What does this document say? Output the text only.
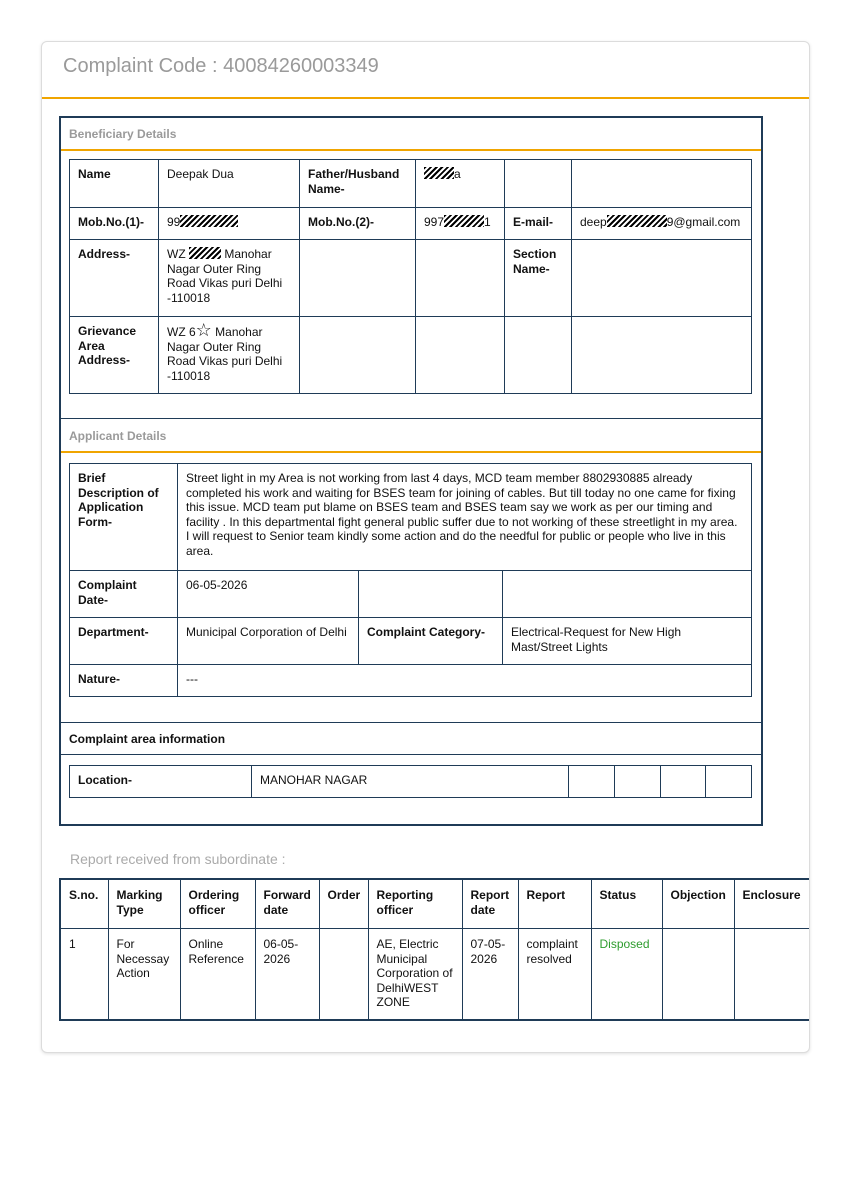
Complaint Code : 40084260003349
Beneficiary Details
Name	Deepak Dua	Father/Husband Name-	a		
Mob.No.(1)-	99	Mob.No.(2)-	997 1	E-mail-	deep 9@gmail.com
Address-	WZ Manohar Nagar Outer Ring Road Vikas puri Delhi -110018			Section Name-	
Grievance Area Address-	WZ 6☆ Manohar Nagar Outer Ring Road Vikas puri Delhi -110018				
Applicant Details
Brief Description of Application Form-	Street light in my Area is not working from last 4 days, MCD team member 8802930885 already completed his work and waiting for BSES team for joining of cables. But till today no one came for fixing this issue. MCD team put blame on BSES team and BSES team say we work as per our timing and facility . In this departmental fight general public suffer due to not working of these streetlight in my area. I will request to Senior team kindly some action and do the needful for public or people who live in this area.		
Complaint Date-	06-05-2026		
Department-	Municipal Corporation of Delhi	Complaint Category-	Electrical-Request for New High Mast/Street Lights
Nature-	---		
Complaint area information
Location-	MANOHAR NAGAR				
Report received from subordinate :
S.no.	Marking Type	Ordering officer	Forward date	Order	Reporting officer	Report date	Report	Status	Objection	Enclosure
1	For Necessay Action	Online Reference	06-05-2026		AE, Electric Municipal Corporation of DelhiWEST ZONE	07-05-2026	complaint resolved	Disposed		
